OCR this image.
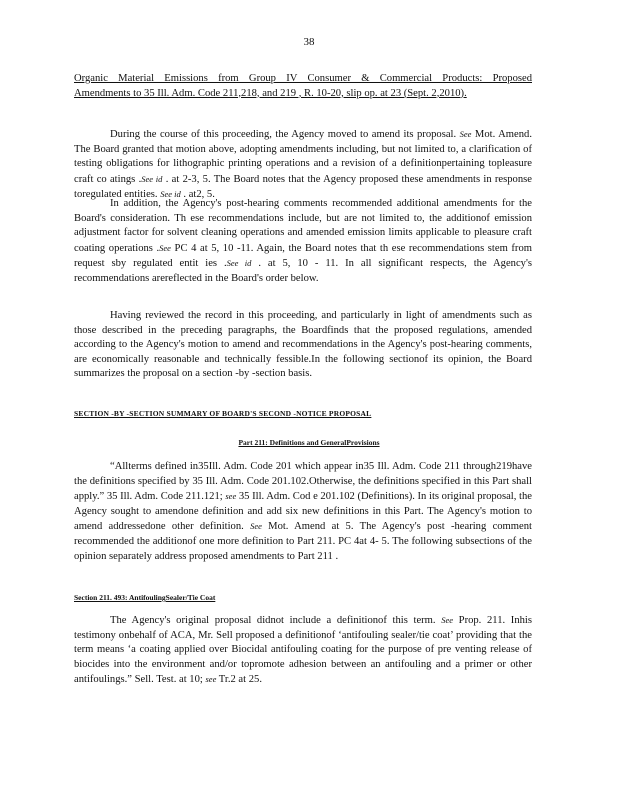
38

Organic Material Emissions from Group IV Consumer & Commercial Products: Proposed

Amendments to 35 Ill. Adm. Code 211,218, and 219 , R. 10-20, slip op. at 23 (Sept. 2,2010).

During the course of this proceeding, the Agency moved to amend its proposal. See Mot. Amend. The Board granted that motion above, adopting amendments including, but not limited to, a clarification of testing obligations for lithographic printing operations and a revision of a definitionpertaining topleasure craft co atings .See id . at 2-3, 5. The Board notes that the Agency proposed these amendments in response toregulated entities. See id . at2, 5.

In addition, the Agency's post-hearing comments recommended additional amendments for the Board's consideration. Th ese recommendations include, but are not limited to, the additionof emission adjustment factor for solvent cleaning operations and amended emission limits applicable to pleasure craft coating operations .See PC 4 at 5, 10 -11. Again, the Board notes that th ese recommendations stem from request sby regulated entit ies .See id . at 5, 10 - 11. In all significant respects, the Agency's recommendations arereflected in the Board's order below.

Having reviewed the record in this proceeding, and particularly in light of amendments such as those described in the preceding paragraphs, the Boardfinds that the proposed regulations, amended according to the Agency's motion to amend and recommendations in the Agency's post-hearing comments, are economically reasonable and technically fessible.In the following sectionof its opinion, the Board summarizes the proposal on a section -by -section basis.

SECTION -BY -SECTION SUMMARY OF BOARD'S SECOND -NOTICE PROPOSAL
Part 211: Definitions and GeneralProvisions

“Allterms defined in35Ill. Adm. Code 201 which appear in35 Ill. Adm. Code 211 through219have the definitions specified by 35 Ill. Adm. Code 201.102.Otherwise, the definitions specified in this Part shall apply.” 35 Ill. Adm. Code 211.121; see 35 Ill. Adm. Cod e 201.102 (Definitions). In its original proposal, the Agency sought to amendone definition and add six new definitions in this Part. The Agency's motion to amend addressedone other definition. See Mot. Amend at 5. The Agency's post -hearing comment recommended the additionof one more definition to Part 211. PC 4at 4- 5. The following subsections of the opinion separately address proposed amendments to Part 211 .

Section 211. 493: AntifoulingSealer/Tie Coat

The Agency's original proposal didnot include a definitionof this term. See Prop. 211. Inhis testimony onbehalf of ACA, Mr. Sell proposed a definitionof ‘antifouling sealer/tie coat’ providing that the term means ‘a coating applied over Biocidal antifouling coating for the purpose of pre venting release of biocides into the environment and/or topromote adhesion between an antifouling and a primer or other antifoulings.” Sell. Test. at 10; see Tr.2 at 25.
